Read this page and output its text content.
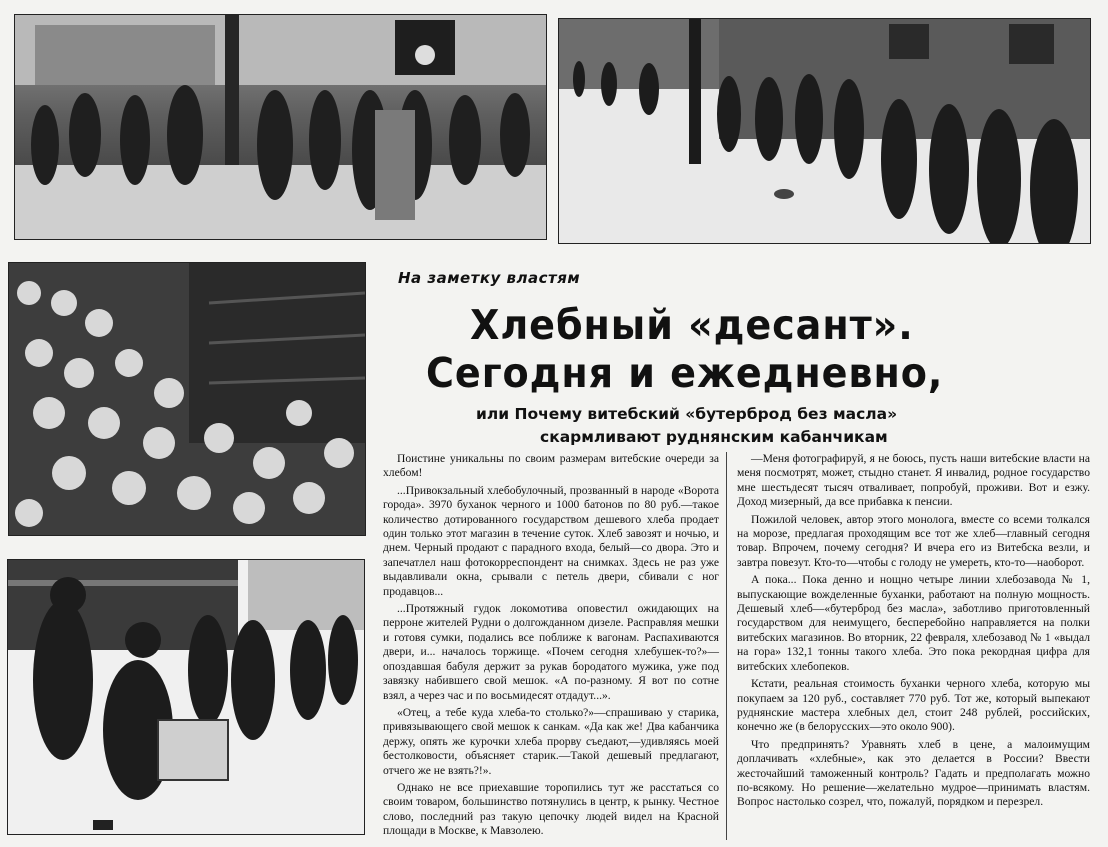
На заметку властям
Хлебный «десант».
Сегодня и ежедневно,
или Почему витебский «бутерброд без масла»
скармливают руднянским кабанчикам

Поистине уникальны по своим размерам витебские очереди за хлебом!

...Привокзальный хлебобулочный, прозванный в народе «Ворота города». 3970 буханок черного и 1000 батонов по 80 руб.—такое количество дотированного государством дешевого хлеба продает один только этот магазин в течение суток. Хлеб завозят и ночью, и днем. Черный продают с парадного входа, белый—со двора. Это и запечатлел наш фотокорреспондент на снимках. Здесь не раз уже выдавливали окна, срывали с петель двери, сбивали с ног продавцов...

...Протяжный гудок локомотива оповестил ожидающих на перроне жителей Рудни о долгожданном дизеле. Расправляя мешки и готовя сумки, подались все поближе к вагонам. Распахиваются двери, и... началось торжище. «Почем сегодня хлебушек-то?»—опоздавшая бабуля держит за рукав бородатого мужика, уже под завязку набившего свой мешок. «А по-разному. Я вот по сотне взял, а через час и по восьмидесят отдадут...».

«Отец, а тебе куда хлеба-то столько?»—спрашиваю у старика, привязывающего свой мешок к санкам. «Да как же! Два кабанчика держу, опять же курочки хлеба прорву съедают,—удивляясь моей бестолковости, объясняет старик.—Такой дешевый предлагают, отчего же не взять?!».

Однако не все приехавшие торопились тут же расстаться со своим товаром, большинство потянулись в центр, к рынку. Честное слово, последний раз такую цепочку людей видел на Красной площади в Москве, к Мавзолею.

—Меня фотографируй, я не боюсь, пусть наши витебские власти на меня посмотрят, может, стыдно станет. Я инвалид, родное государство мне шестьдесят тысяч отваливает, попробуй, проживи. Вот и езжу. Доход мизерный, да все прибавка к пенсии.

Пожилой человек, автор этого монолога, вместе со всеми толкался на морозе, предлагая проходящим все тот же хлеб—главный сегодня товар. Впрочем, почему сегодня? И вчера его из Витебска везли, и завтра повезут. Кто-то—чтобы с голоду не умереть, кто-то—наоборот.

А пока... Пока денно и нощно четыре линии хлебозавода № 1, выпускающие вожделенные буханки, работают на полную мощность. Дешевый хлеб—«бутерброд без масла», заботливо приготовленный государством для неимущего, бесперебойно направляется на полки витебских магазинов. Во вторник, 22 февраля, хлебозавод № 1 «выдал на гора» 132,1 тонны такого хлеба. Это пока рекордная цифра для витебских хлебопеков.

Кстати, реальная стоимость буханки черного хлеба, которую мы покупаем за 120 руб., составляет 770 руб. Тот же, который выпекают руднянские мастера хлебных дел, стоит 248 рублей, российских, конечно же (в белорусских—это около 900).

Что предпринять? Уравнять хлеб в цене, а малоимущим доплачивать «хлебные», как это делается в России? Ввести жесточайший таможенный контроль? Гадать и предполагать можно по-всякому. Но решение—желательно мудрое—принимать властям. Вопрос настолько созрел, что, пожалуй, порядком и перезрел.
